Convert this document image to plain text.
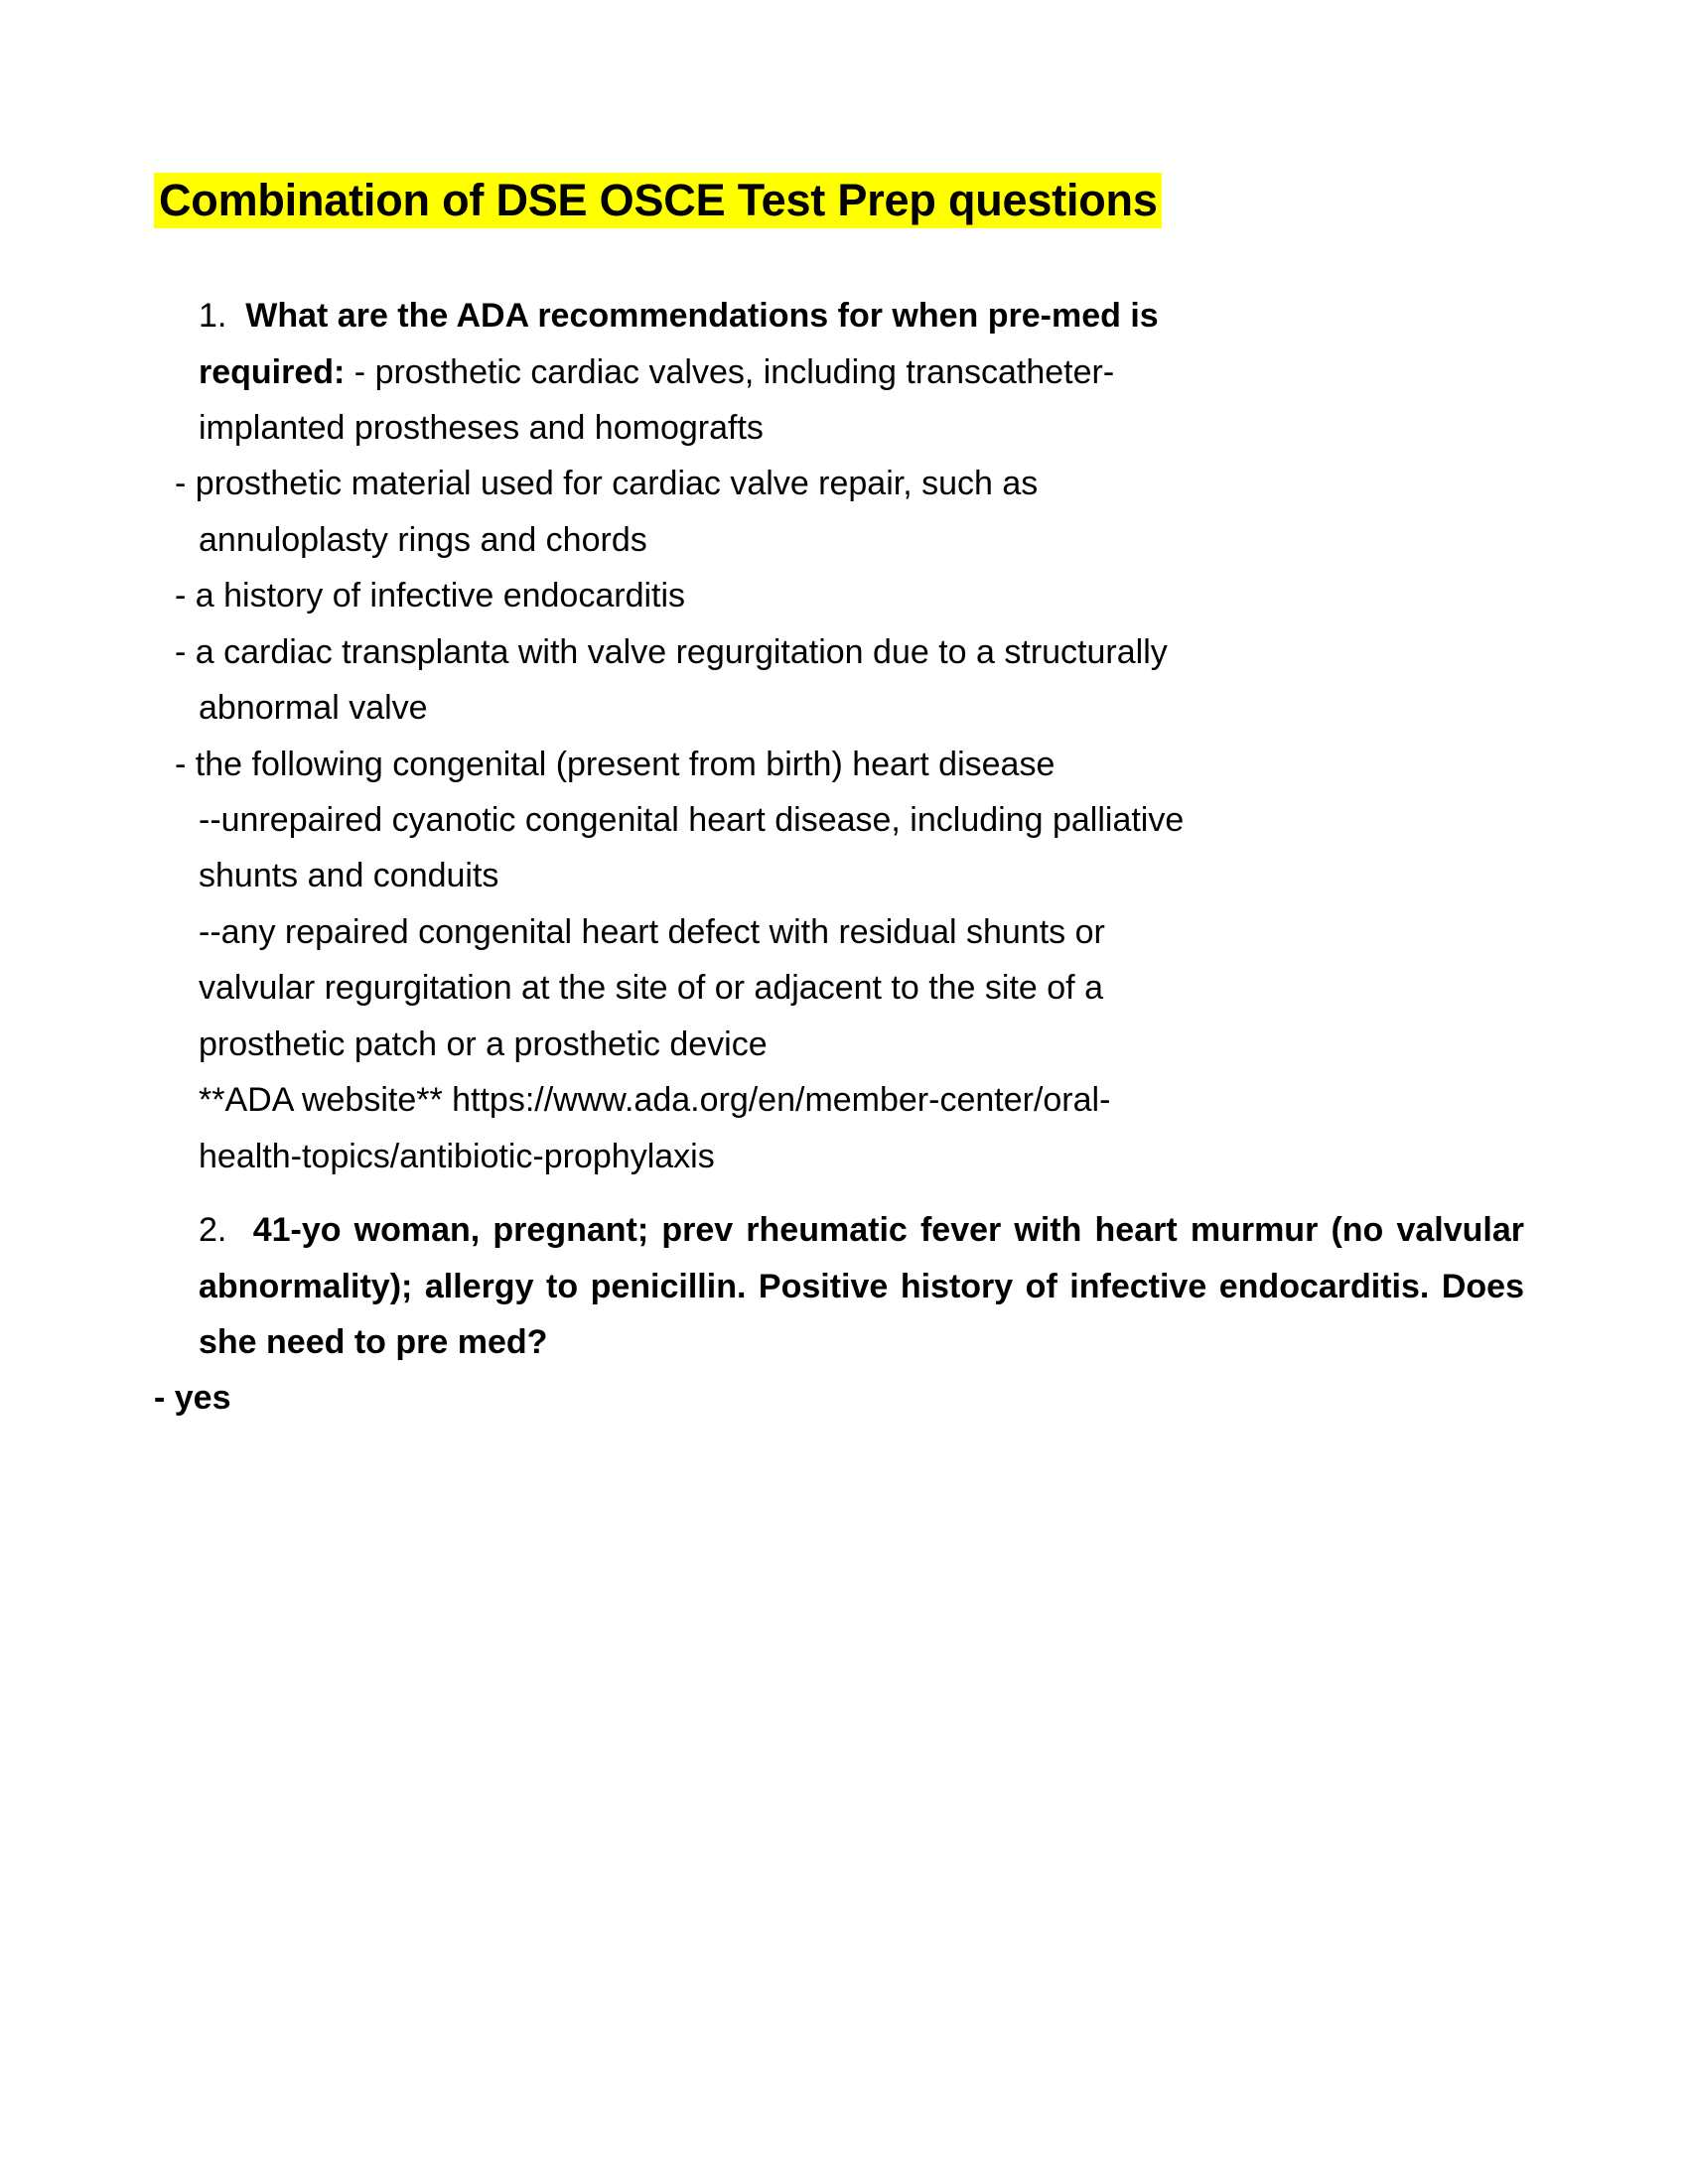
Combination of DSE OSCE Test Prep questions
1. What are the ADA recommendations for when pre-med is
required: - prosthetic cardiac valves, including transcatheter-
implanted prostheses and homografts
- prosthetic material used for cardiac valve repair, such as
annuloplasty rings and chords
- a history of infective endocarditis
- a cardiac transplanta with valve regurgitation due to a structurally
abnormal valve
- the following congenital (present from birth) heart disease
--unrepaired cyanotic congenital heart disease, including palliative
shunts and conduits
--any repaired congenital heart defect with residual shunts or
valvular regurgitation at the site of or adjacent to the site of a
prosthetic patch or a prosthetic device
**ADA website** https://www.ada.org/en/member-center/oral-
health-topics/antibiotic-prophylaxis
2. 41-yo woman, pregnant; prev rheumatic fever with heart murmur (no valvular abnormality); allergy to penicillin. Positive history of infective endocarditis. Does she need to pre med?
- yes
